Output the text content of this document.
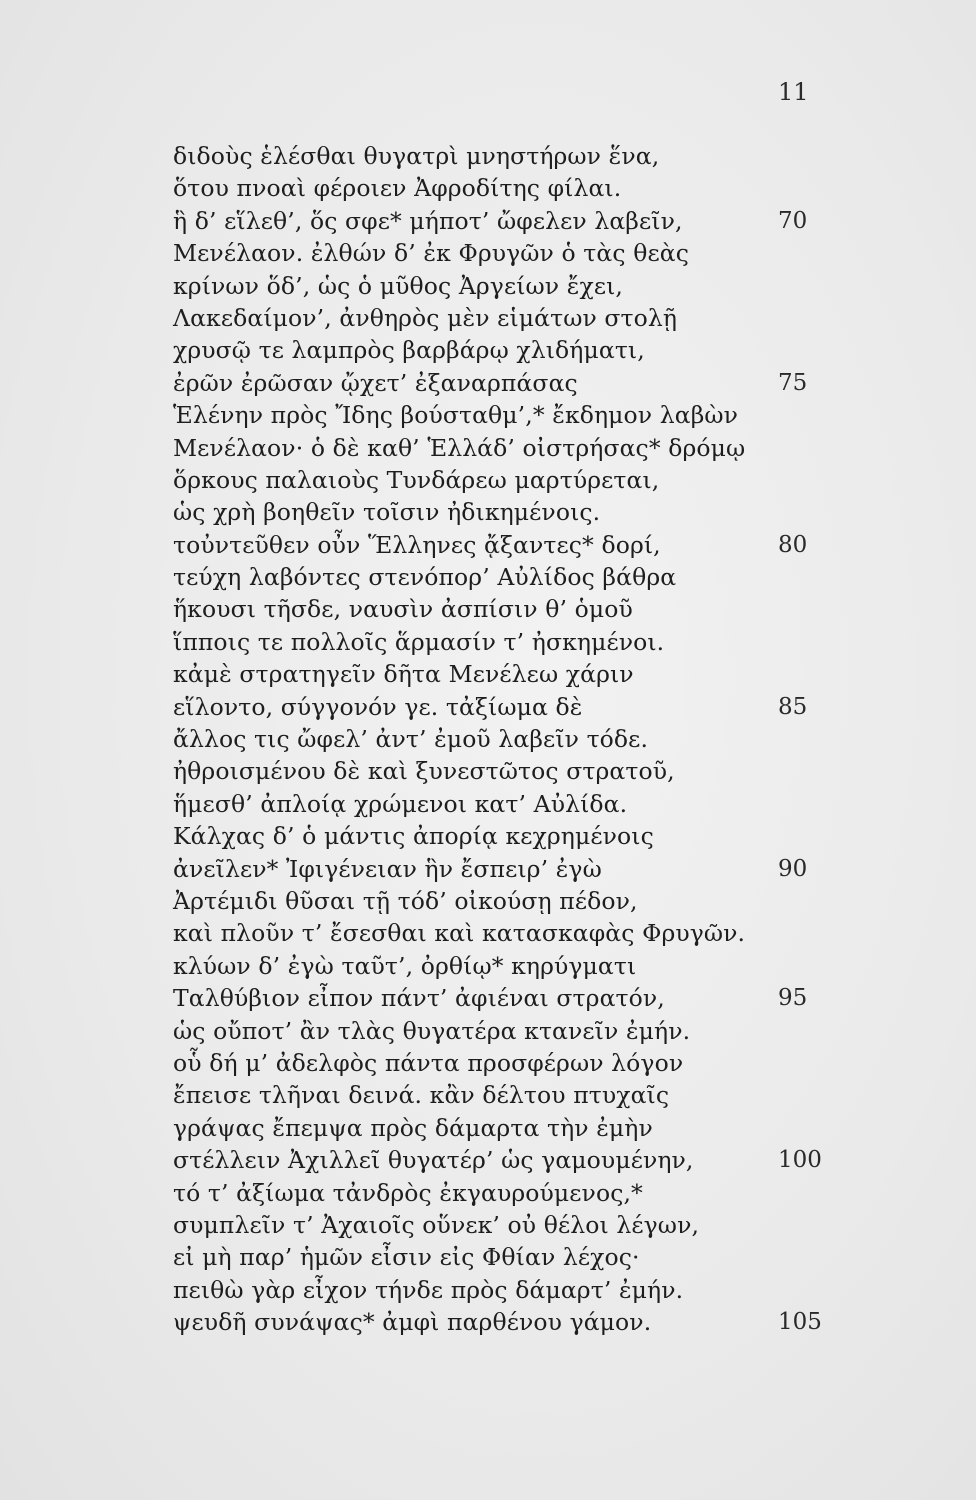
11
διδοὺς ἑλέσθαι θυγατρὶ μνηστήρων ἕνα,
ὅτου πνοαὶ φέροιεν Ἀφροδίτης φίλαι.
ἣ δ’ εἵλεθ’, ὅς σφε* μήποτ’ ὤφελεν λαβεῖν,	70
Μενέλαον. ἐλθών δ’ ἐκ Φρυγῶν ὁ τὰς θεὰς
κρίνων ὅδ’, ὡς ὁ μῦθος Ἀργείων ἔχει,
Λακεδαίμον’, ἀνθηρὸς μὲν εἱμάτων στολῇ
χρυσῷ τε λαμπρὸς βαρβάρῳ χλιδήματι,
ἐρῶν ἐρῶσαν ᾤχετ’ ἐξαναρπάσας	75
Ἑλένην πρὸς Ἴδης βούσταθμ’,* ἔκδημον λαβὼν
Μενέλαον· ὁ δὲ καθ’ Ἑλλάδ’ οἰστρήσας* δρόμῳ
ὅρκους παλαιοὺς Τυνδάρεω μαρτύρεται,
ὡς χρὴ βοηθεῖν τοῖσιν ἠδικημένοις.
τοὐντεῦθεν οὖν Ἕλληνες ᾄξαντες* δορί,	80
τεύχη λαβόντες στενόπορ’ Αὐλίδος βάθρα
ἥκουσι τῆσδε, ναυσὶν ἀσπίσιν θ’ ὁμοῦ
ἵπποις τε πολλοῖς ἅρμασίν τ’ ἠσκημένοι.
κἀμὲ στρατηγεῖν δῆτα Μενέλεω χάριν
εἵλοντο, σύγγονόν γε. τἀξίωμα δὲ	85
ἄλλος τις ὤφελ’ ἀντ’ ἐμοῦ λαβεῖν τόδε.
ἠθροισμένου δὲ καὶ ξυνεστῶτος στρατοῦ,
ἥμεσθ’ ἀπλοίᾳ χρώμενοι κατ’ Αὐλίδα.
Κάλχας δ’ ὁ μάντις ἀπορίᾳ κεχρημένοις
ἀνεῖλεν* Ἰφιγένειαν ἣν ἔσπειρ’ ἐγὼ	90
Ἀρτέμιδι θῦσαι τῇ τόδ’ οἰκούσῃ πέδον,
καὶ πλοῦν τ’ ἔσεσθαι καὶ κατασκαφὰς Φρυγῶν.
κλύων δ’ ἐγὼ ταῦτ’, ὀρθίῳ* κηρύγματι
Ταλθύβιον εἶπον πάντ’ ἀφιέναι στρατόν,	95
ὡς οὔποτ’ ἂν τλὰς θυγατέρα κτανεῖν ἐμήν.
οὗ δή μ’ ἀδελφὸς πάντα προσφέρων λόγον
ἔπεισε τλῆναι δεινά. κἂν δέλτου πτυχαῖς
γράψας ἔπεμψα πρὸς δάμαρτα τὴν ἐμὴν
στέλλειν Ἀχιλλεῖ θυγατέρ’ ὡς γαμουμένην,	100
τό τ’ ἀξίωμα τἀνδρὸς ἐκγαυρούμενος,*
συμπλεῖν τ’ Ἀχαιοῖς οὕνεκ’ οὐ θέλοι λέγων,
εἰ μὴ παρ’ ἡμῶν εἶσιν εἰς Φθίαν λέχος·
πειθὼ γὰρ εἶχον τήνδε πρὸς δάμαρτ’ ἐμήν.
ψευδῆ συνάψας* ἀμφὶ παρθένου γάμον.	105
